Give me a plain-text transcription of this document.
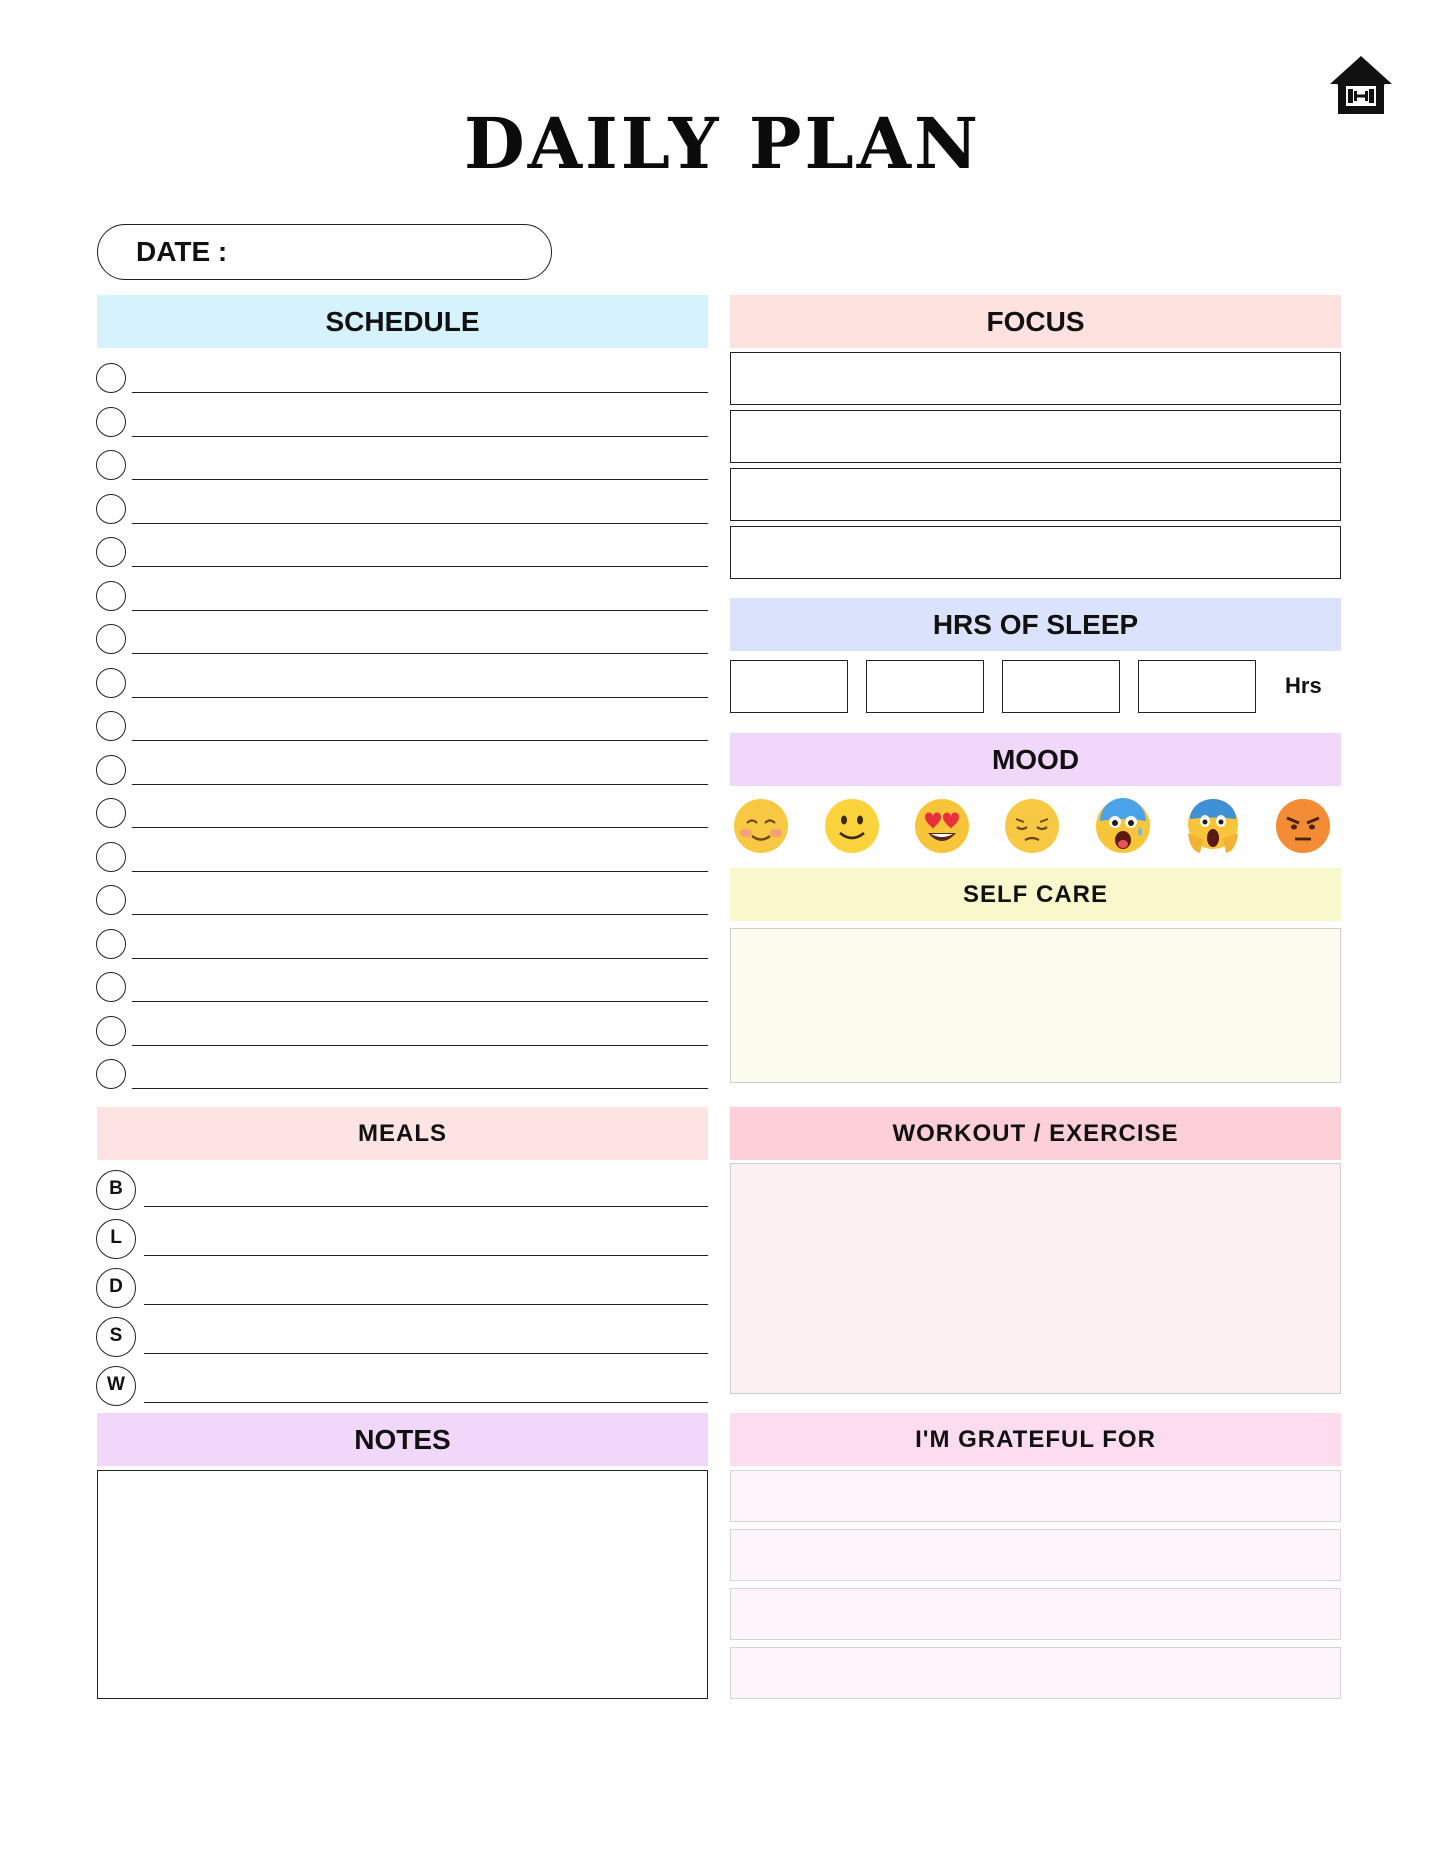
DAILY PLAN
DATE :
SCHEDULE	FOCUS
HRS OF SLEEP
Hrs
MOOD
SELF CARE
MEALS
B
L
D
S
W
WORKOUT / EXERCISE
NOTES	I'M GRATEFUL FOR
